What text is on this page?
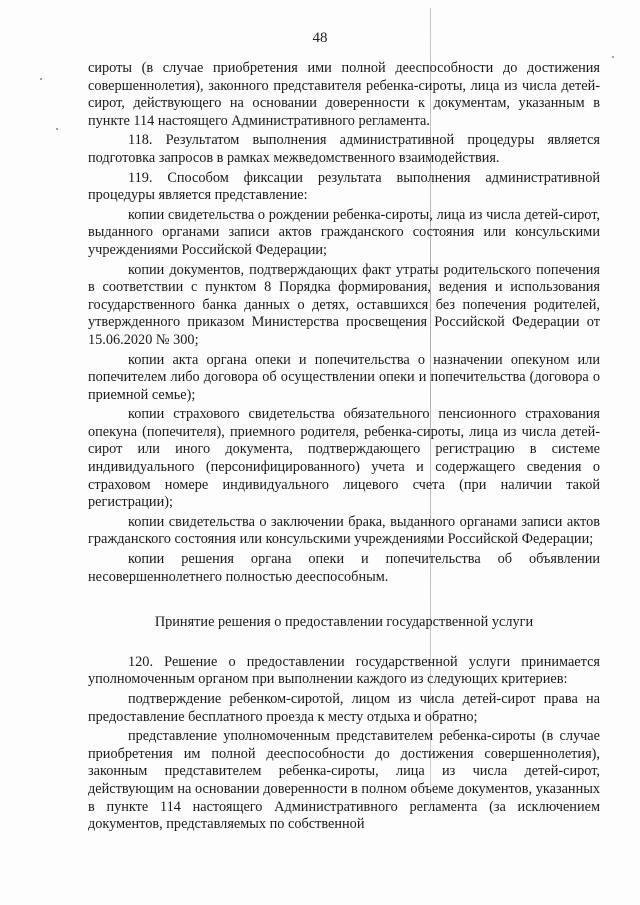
48

сироты (в случае приобретения ими полной дееспособности до достижения совершеннолетия), законного представителя ребенка-сироты, лица из числа детей-сирот, действующего на основании доверенности к документам, указанным в пункте 114 настоящего Административного регламента.

118. Результатом выполнения административной процедуры является подготовка запросов в рамках межведомственного взаимодействия.

119. Способом фиксации результата выполнения административной процедуры является представление:

копии свидетельства о рождении ребенка-сироты, лица из числа детей-сирот, выданного органами записи актов гражданского состояния или консульскими учреждениями Российской Федерации;

копии документов, подтверждающих факт утраты родительского попечения в соответствии с пунктом 8 Порядка формирования, ведения и использования государственного банка данных о детях, оставшихся без попечения родителей, утвержденного приказом Министерства просвещения Российской Федерации от 15.06.2020 № 300;

копии акта органа опеки и попечительства о назначении опекуном или попечителем либо договора об осуществлении опеки и попечительства (договора о приемной семье);

копии страхового свидетельства обязательного пенсионного страхования опекуна (попечителя), приемного родителя, ребенка-сироты, лица из числа детей-сирот или иного документа, подтверждающего регистрацию в системе индивидуального (персонифицированного) учета и содержащего сведения о страховом номере индивидуального лицевого счета (при наличии такой регистрации);

копии свидетельства о заключении брака, выданного органами записи актов гражданского состояния или консульскими учреждениями Российской Федерации;

копии решения органа опеки и попечительства об объявлении несовершеннолетнего полностью дееспособным.

Принятие решения о предоставлении государственной услуги

120. Решение о предоставлении государственной услуги принимается уполномоченным органом при выполнении каждого из следующих критериев:

подтверждение ребенком-сиротой, лицом из числа детей-сирот права на предоставление бесплатного проезда к месту отдыха и обратно;

представление уполномоченным представителем ребенка-сироты (в случае приобретения им полной дееспособности до достижения совершеннолетия), законным представителем ребенка-сироты, лица из числа детей-сирот, действующим на основании доверенности в полном объеме документов, указанных в пункте 114 настоящего Административного регламента (за исключением документов, представляемых по собственной
